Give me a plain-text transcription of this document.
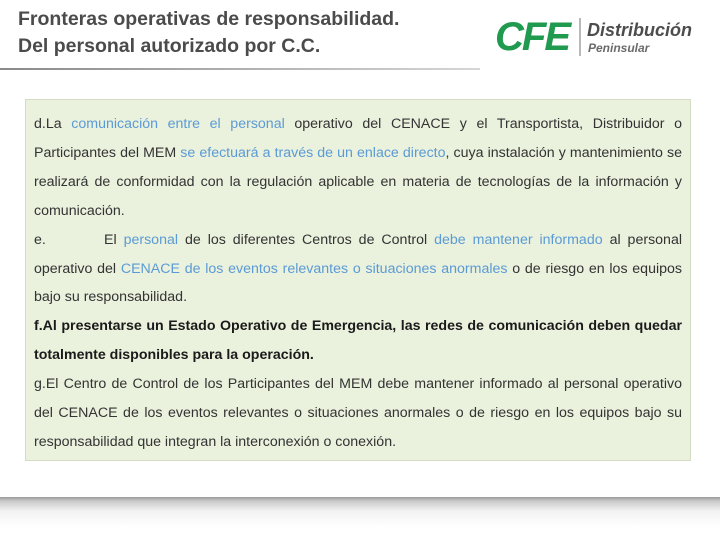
Fronteras operativas de responsabilidad.
Del personal autorizado por C.C.	CFE Distribución
Peninsular

d.La comunicación entre el personal operativo del CENACE y el Transportista, Distribuidor o Participantes del MEM se efectuará a través de un enlace directo, cuya instalación y mantenimiento se realizará de conformidad con la regulación aplicable en materia de tecnologías de la información y comunicación.

e.	El personal de los diferentes Centros de Control debe mantener informado al personal operativo del CENACE de los eventos relevantes o situaciones anormales o de riesgo en los equipos bajo su responsabilidad.

f.Al presentarse un Estado Operativo de Emergencia, las redes de comunicación deben quedar totalmente disponibles para la operación.

g.El Centro de Control de los Participantes del MEM debe mantener informado al personal operativo del CENACE de los eventos relevantes o situaciones anormales o de riesgo en los equipos bajo su responsabilidad que integran la interconexión o conexión.
